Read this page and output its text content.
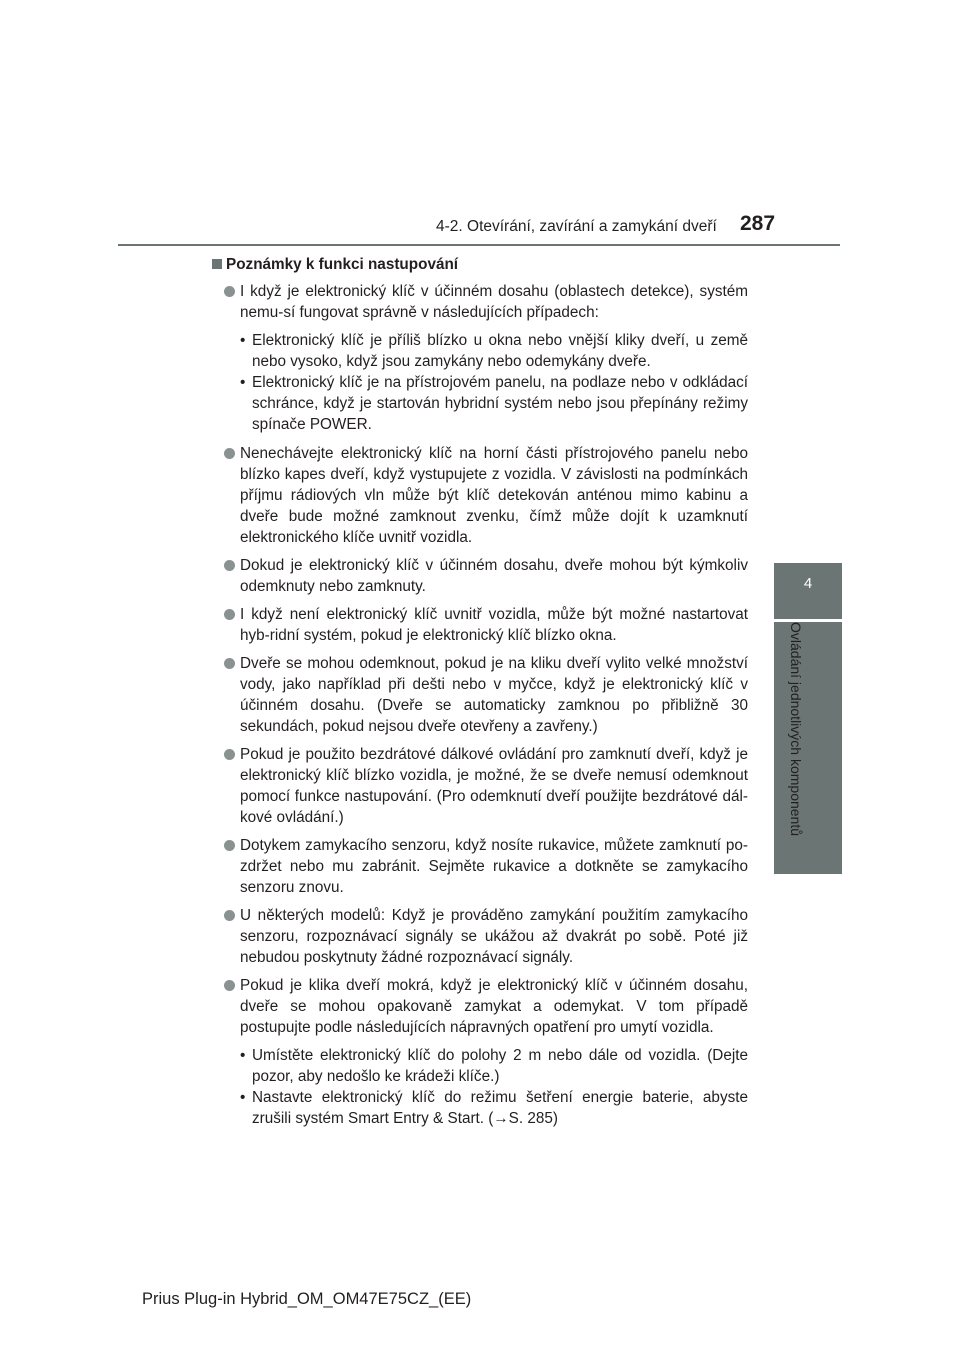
4-2. Otevírání, zavírání a zamykání dveří 287
4
Ovládání jednotlivých komponentů
Poznámky k funkci nastupování
I když je elektronický klíč v účinném dosahu (oblastech detekce), systém nemu-sí fungovat správně v následujících případech:
• Elektronický klíč je příliš blízko u okna nebo vnější kliky dveří, u země nebo vysoko, když jsou zamykány nebo odemykány dveře.
• Elektronický klíč je na přístrojovém panelu, na podlaze nebo v odkládací schránce, když je startován hybridní systém nebo jsou přepínány režimy spínače POWER.
Nenechávejte elektronický klíč na horní části přístrojového panelu nebo blízko kapes dveří, když vystupujete z vozidla. V závislosti na podmínkách příjmu rádiových vln může být klíč detekován anténou mimo kabinu a dveře bude možné zamknout zvenku, čímž může dojít k uzamknutí elektronického klíče uvnitř vozidla.
Dokud je elektronický klíč v účinném dosahu, dveře mohou být kýmkoliv odemknuty nebo zamknuty.
I když není elektronický klíč uvnitř vozidla, může být možné nastartovat hyb-ridní systém, pokud je elektronický klíč blízko okna.
Dveře se mohou odemknout, pokud je na kliku dveří vylito velké množství vody, jako například při dešti nebo v myčce, když je elektronický klíč v účinném dosahu. (Dveře se automaticky zamknou po přibližně 30 sekundách, pokud nejsou dveře otevřeny a zavřeny.)
Pokud je použito bezdrátové dálkové ovládání pro zamknutí dveří, když je elektronický klíč blízko vozidla, je možné, že se dveře nemusí odemknout pomocí funkce nastupování. (Pro odemknutí dveří použijte bezdrátové dál-kové ovládání.)
Dotykem zamykacího senzoru, když nosíte rukavice, můžete zamknutí po-zdržet nebo mu zabránit. Sejměte rukavice a dotkněte se zamykacího senzoru znovu.
U některých modelů: Když je prováděno zamykání použitím zamykacího senzoru, rozpoznávací signály se ukážou až dvakrát po sobě. Poté již nebudou poskytnuty žádné rozpoznávací signály.
Pokud je klika dveří mokrá, když je elektronický klíč v účinném dosahu, dveře se mohou opakovaně zamykat a odemykat. V tom případě postupujte podle následujících nápravných opatření pro umytí vozidla.
• Umístěte elektronický klíč do polohy 2 m nebo dále od vozidla. (Dejte pozor, aby nedošlo ke krádeži klíče.)
• Nastavte elektronický klíč do režimu šetření energie baterie, abyste zrušili systém Smart Entry & Start. (→S. 285)
Prius Plug-in Hybrid_OM_OM47E75CZ_(EE)
